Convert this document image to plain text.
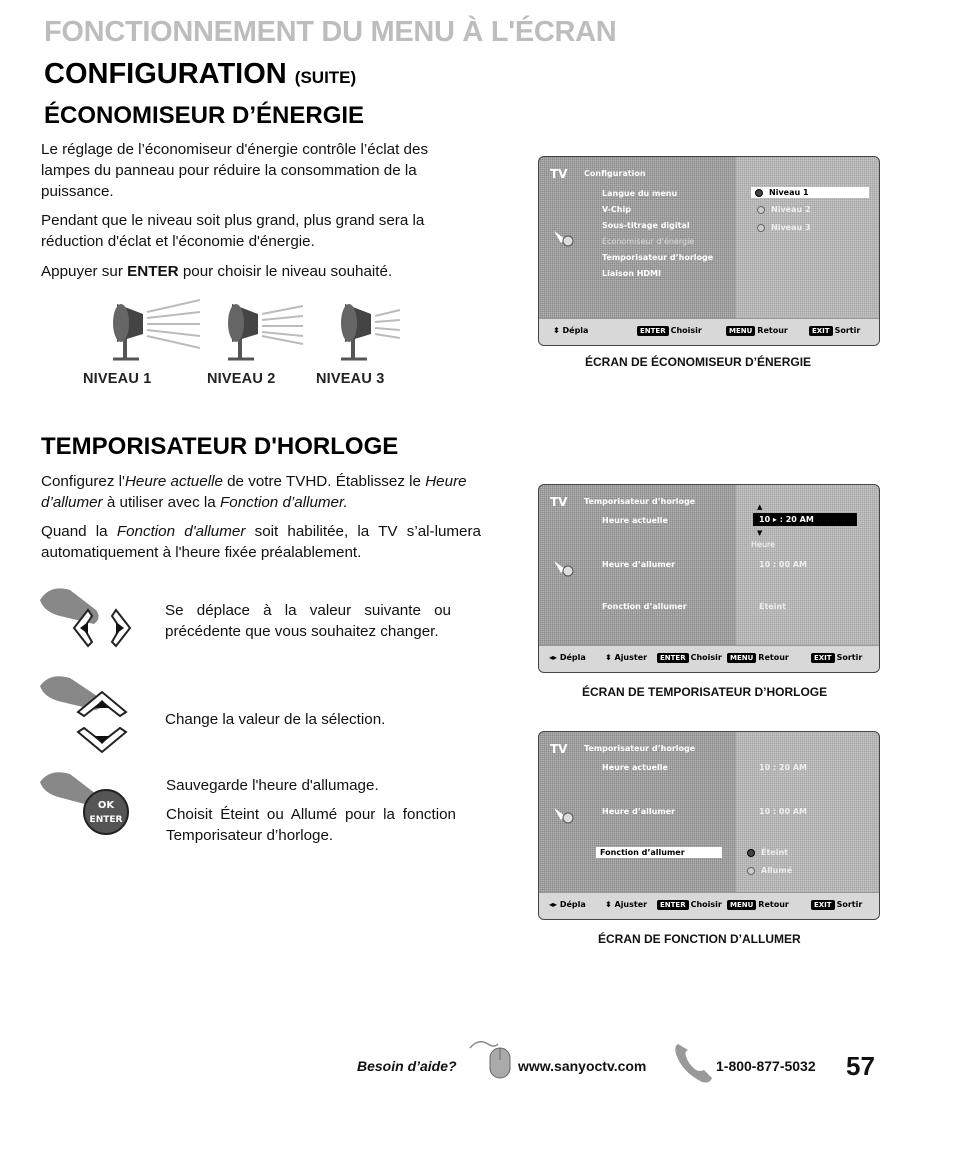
FONCTIONNEMENT DU MENU À L'ÉCRAN
CONFIGURATION (SUITE)
ÉCONOMISEUR D’ÉNERGIE
Le réglage de l’économiseur d'énergie contrôle l’éclat des lampes du panneau pour réduire la consommation de la puissance.
Pendant que le niveau soit plus grand, plus grand sera la réduction d'éclat et l'économie d'énergie.
Appuyer sur ENTER pour choisir le niveau souhaité.
NIVEAU 1	NIVEAU 2	NIVEAU 3
TV Configuration
Langue du menu
V-Chip
Sous-titrage digital
Économiseur d’énergie
Temporisateur d’horloge
Liaison HDMI
Niveau 1
Niveau 2
Niveau 3
⬍ Dépla	ENTER Choisir	MENU Retour	EXIT Sortir
ÉCRAN DE ÉCONOMISEUR D’ÉNERGIE
TEMPORISATEUR D'HORLOGE
Configurez l'Heure actuelle de votre TVHD. Établissez le Heure d’allumer à utiliser avec la Fonction d’allumer.
Quand la Fonction d'allumer soit habilitée, la TV s’al-lumera automatiquement à l'heure fixée préalablement.
Se déplace à la valeur suivante ou précédente que vous souhaitez changer.
Change la valeur de la sélection.
OK
ENTER
Sauvegarde l'heure d'allumage.
Choisit Éteint ou Allumé pour la fonction Temporisateur d’horloge.
TV Temporisateur d’horloge
Heure actuelle
Heure d’allumer
Fonction d’allumer
▲
10 ▸ : 20 AM
▼
Heure
10 : 00 AM
Éteint
◂▸ Dépla ⬍ Ajuster	ENTER Choisir	MENU Retour	EXIT Sortir
ÉCRAN DE TEMPORISATEUR D’HORLOGE
TV Temporisateur d’horloge
Heure actuelle
Heure d’allumer
Fonction d’allumer
10 : 20 AM
10 : 00 AM
Éteint
Allumé
◂▸ Dépla ⬍ Ajuster	ENTER Choisir	MENU Retour	EXIT Sortir
ÉCRAN DE FONCTION D’ALLUMER
Besoin d’aide?	www.sanyoctv.com	1-800-877-5032 57
